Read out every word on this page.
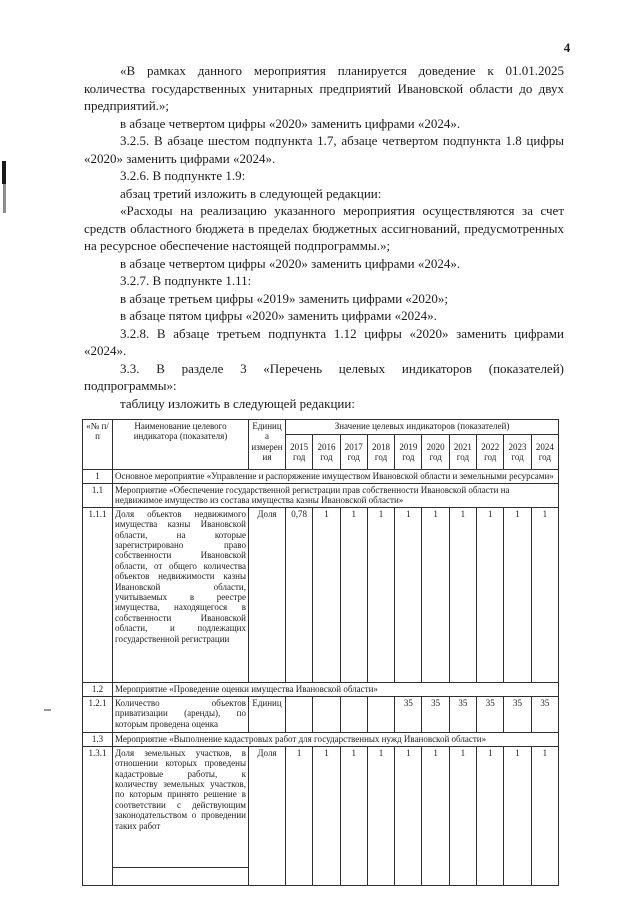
4

«В рамках данного мероприятия планируется доведение к 01.01.2025 количества государственных унитарных предприятий Ивановской области до двух предприятий.»;

в абзаце четвертом цифры «2020» заменить цифрами «2024».

3.2.5. В абзаце шестом подпункта 1.7, абзаце четвертом подпункта 1.8 цифры «2020» заменить цифрами «2024».

3.2.6. В подпункте 1.9:

абзац третий изложить в следующей редакции:

«Расходы на реализацию указанного мероприятия осуществляются за счет средств областного бюджета в пределах бюджетных ассигнований, предусмотренных на ресурсное обеспечение настоящей подпрограммы.»;

в абзаце четвертом цифры «2020» заменить цифрами «2024».

3.2.7. В подпункте 1.11:

в абзаце третьем цифры «2019» заменить цифрами «2020»;

в абзаце пятом цифры «2020» заменить цифрами «2024».

3.2.8. В абзаце третьем подпункта 1.12 цифры «2020» заменить цифрами «2024».

3.3. В разделе 3 «Перечень целевых индикаторов (показателей) подпрограммы»:

таблицу изложить в следующей редакции:

«№ п/п	Наименование целевого индикатора (показателя)	Единица измерения	Значение целевых индикаторов (показателей)									
			2015 год	2016 год	2017 год	2018 год	2019 год	2020 год	2021 год	2022 год	2023 год	2024 год
1	Основное мероприятие «Управление и распоряжение имуществом Ивановской области и земельными ресурсами»											
1.1	Мероприятие «Обеспечение государственной регистрации прав собственности Ивановской области на недвижимое имущество из состава имущества казны Ивановской области»											
1.1.1	Доля объектов недвижимого имущества казны Ивановской области, на которые зарегистрировано право собственности Ивановской области, от общего количества объектов недвижимости казны Ивановской области, учитываемых в реестре имущества, находящегося в собственности Ивановской области, и подлежащих государственной регистрации	Доля	0,78	1	1	1	1	1	1	1	1	1
1.2	Мероприятие «Проведение оценки имущества Ивановской области»											
1.2.1	Количество объектов приватизации (аренды), по которым проведена оценка	Единиц					35	35	35	35	35	35
1.3	Мероприятие «Выполнение кадастровых работ для государственных нужд Ивановской области»											
1.3.1	Доля земельных участков, в отношении которых проведены кадастровые работы, к количеству земельных участков, по которым принято решение в соответствии с действующим законодательством о проведении таких работ	Доля	1	1	1	1	1	1	1	1	1	1
